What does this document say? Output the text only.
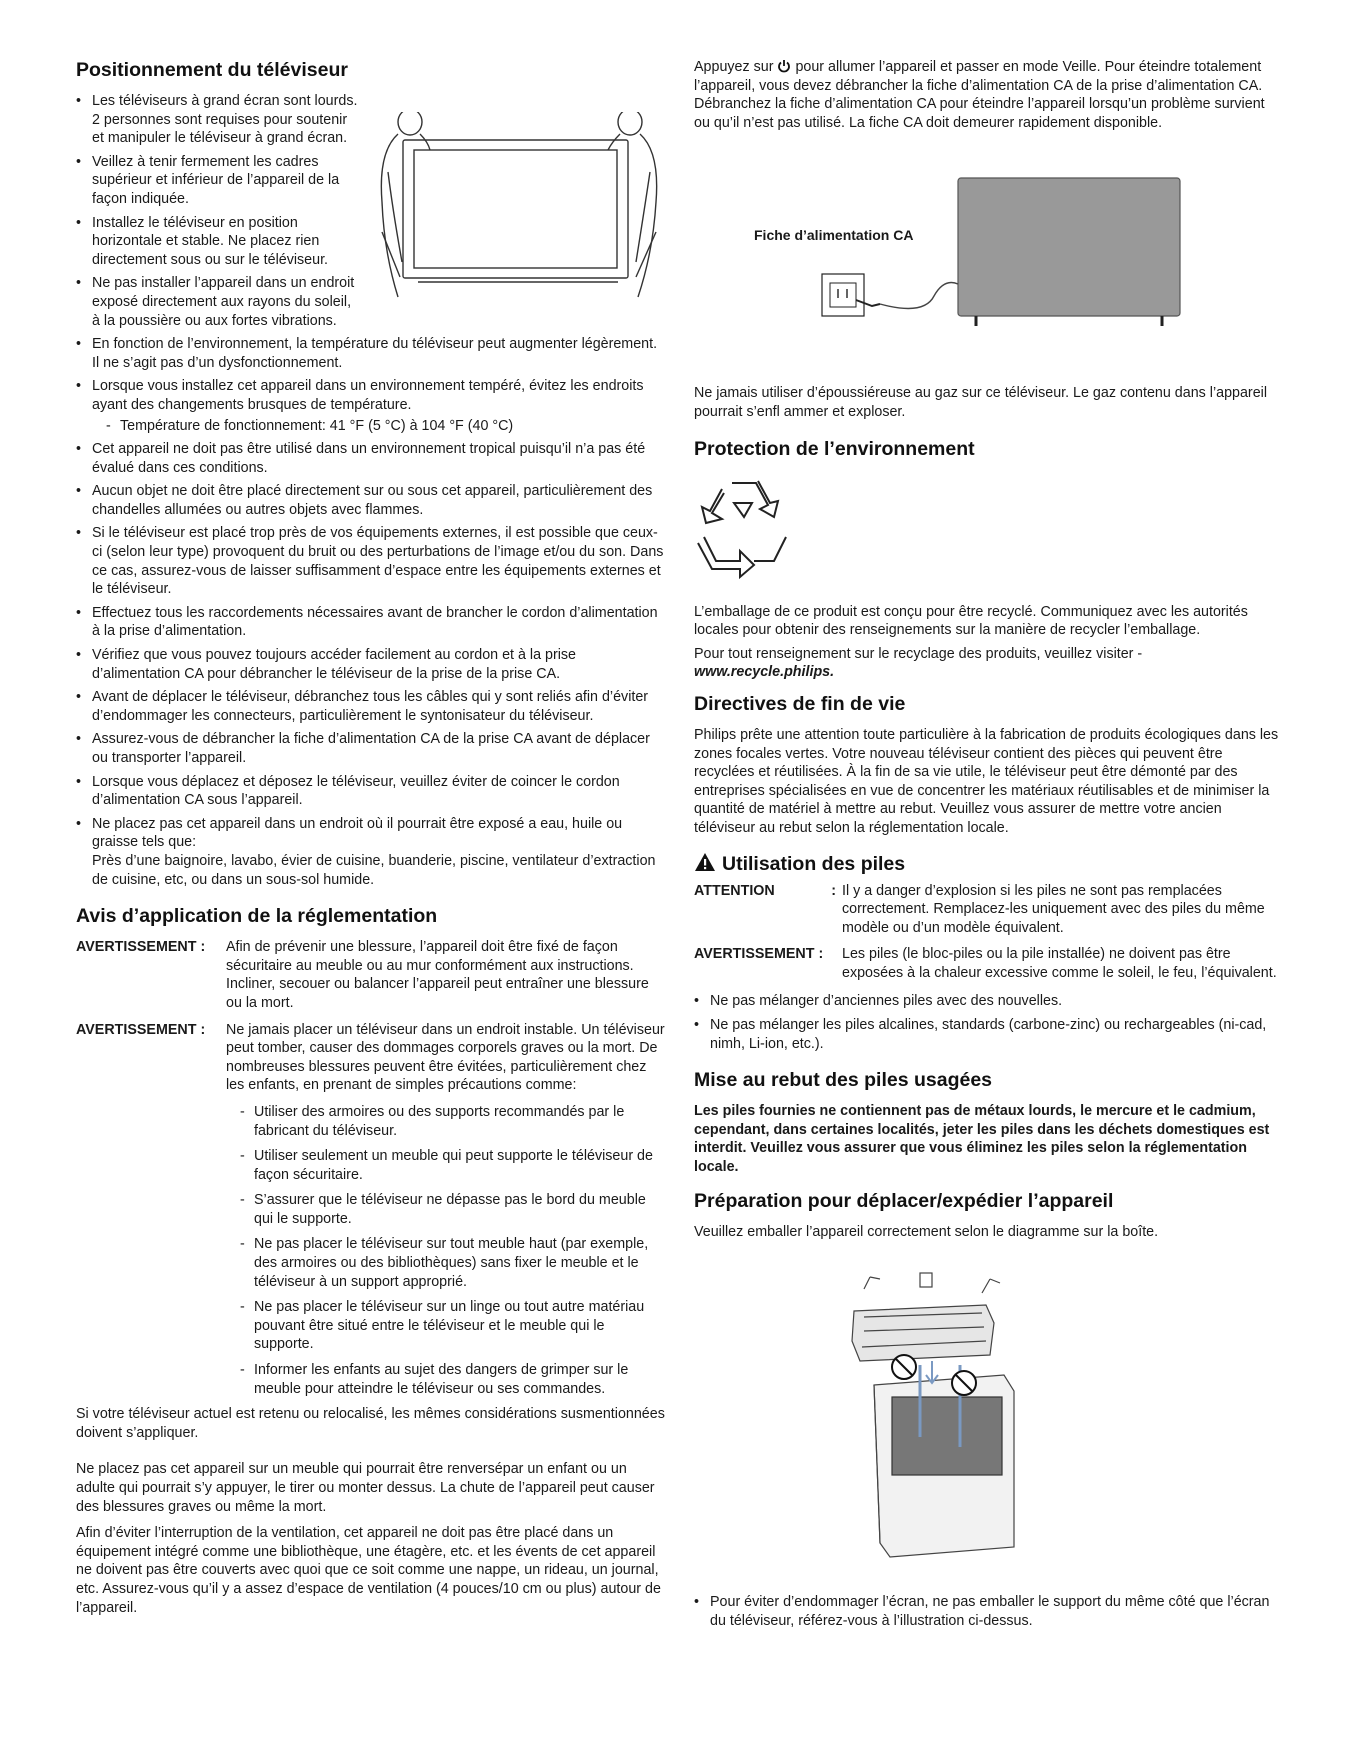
Positionnement du téléviseur
• Les téléviseurs à grand écran sont lourds. 2 personnes sont requises pour soutenir et manipuler le téléviseur à grand écran.
• Veillez à tenir fermement les cadres supérieur et inférieur de l’appareil de la façon indiquée.
• Installez le téléviseur en position horizontale et stable. Ne placez rien directement sous ou sur le téléviseur.
• Ne pas installer l’appareil dans un endroit exposé directement aux rayons du soleil, à la poussière ou aux fortes vibrations.
• En fonction de l’environnement, la température du téléviseur peut augmenter légèrement. Il ne s’agit pas d’un dysfonctionnement.
• Lorsque vous installez cet appareil dans un environnement tempéré, évitez les endroits ayant des changements brusques de température.
- Température de fonctionnement: 41 °F (5 °C) à 104 °F (40 °C)
• Cet appareil ne doit pas être utilisé dans un environnement tropical puisqu’il n’a pas été évalué dans ces conditions.
• Aucun objet ne doit être placé directement sur ou sous cet appareil, particulièrement des chandelles allumées ou autres objets avec flammes.
• Si le téléviseur est placé trop près de vos équipements externes, il est possible que ceux-ci (selon leur type) provoquent du bruit ou des perturbations de l’image et/ou du son. Dans ce cas, assurez-vous de laisser suffisamment d’espace entre les équipements externes et le téléviseur.
• Effectuez tous les raccordements nécessaires avant de brancher le cordon d’alimentation à la prise d’alimentation.
• Vérifiez que vous pouvez toujours accéder facilement au cordon et à la prise d’alimentation CA pour débrancher le téléviseur de la prise de la prise CA.
• Avant de déplacer le téléviseur, débranchez tous les câbles qui y sont reliés afin d’éviter d’endommager les connecteurs, particulièrement le syntonisateur du téléviseur.
• Assurez-vous de débrancher la fiche d’alimentation CA de la prise CA avant de déplacer ou transporter l’appareil.
• Lorsque vous déplacez et déposez le téléviseur, veuillez éviter de coincer le cordon d’alimentation CA sous l’appareil.
• Ne placez pas cet appareil dans un endroit où il pourrait être exposé a eau, huile ou graisse tels que:
Près d’une baignoire, lavabo, évier de cuisine, buanderie, piscine, ventilateur d’extraction de cuisine, etc, ou dans un sous-sol humide.
Avis d’application de la réglementation
AVERTISSEMENT :	Afin de prévenir une blessure, l’appareil doit être fixé de façon sécuritaire au meuble ou au mur conformément aux instructions. Incliner, secouer ou balancer l’appareil peut entraîner une blessure ou la mort.
AVERTISSEMENT :	Ne jamais placer un téléviseur dans un endroit instable. Un téléviseur peut tomber, causer des dommages corporels graves ou la mort. De nombreuses blessures peuvent être évitées, particulièrement chez les enfants, en prenant de simples précautions comme:
- Utiliser des armoires ou des supports recommandés par le fabricant du téléviseur.
- Utiliser seulement un meuble qui peut supporte le téléviseur de façon sécuritaire.
- S’assurer que le téléviseur ne dépasse pas le bord du meuble qui le supporte.
- Ne pas placer le téléviseur sur tout meuble haut (par exemple, des armoires ou des bibliothèques) sans fixer le meuble et le téléviseur à un support approprié.
- Ne pas placer le téléviseur sur un linge ou tout autre matériau pouvant être situé entre le téléviseur et le meuble qui le supporte.
- Informer les enfants au sujet des dangers de grimper sur le meuble pour atteindre le téléviseur ou ses commandes.

Si votre téléviseur actuel est retenu ou relocalisé, les mêmes considérations susmentionnées doivent s’appliquer.

Ne placez pas cet appareil sur un meuble qui pourrait être renversépar un enfant ou un adulte qui pourrait s’y appuyer, le tirer ou monter dessus. La chute de l’appareil peut causer des blessures graves ou même la mort.

Afin d’éviter l’interruption de la ventilation, cet appareil ne doit pas être placé dans un équipement intégré comme une bibliothèque, une étagère, etc. et les évents de cet appareil ne doivent pas être couverts avec quoi que ce soit comme une nappe, un rideau, un journal, etc. Assurez-vous qu’il y a assez d’espace de ventilation (4 pouces/10 cm ou plus) autour de l’appareil.

Appuyez sur pour allumer l’appareil et passer en mode Veille. Pour éteindre totalement l’appareil, vous devez débrancher la fiche d’alimentation CA de la prise d’alimentation CA.

Débranchez la fiche d’alimentation CA pour éteindre l’appareil lorsqu’un problème survient ou qu’il n’est pas utilisé. La fiche CA doit demeurer rapidement disponible.

Fiche d’alimentation CA

Ne jamais utiliser d’époussiéreuse au gaz sur ce téléviseur. Le gaz contenu dans l’appareil pourrait s’enfl ammer et exploser.

Protection de l’environnement

L’emballage de ce produit est conçu pour être recyclé. Communiquez avec les autorités locales pour obtenir des renseignements sur la manière de recycler l’emballage.

Pour tout renseignement sur le recyclage des produits, veuillez visiter -
www.recycle.philips.

Directives de fin de vie

Philips prête une attention toute particulière à la fabrication de produits écologiques dans les zones focales vertes. Votre nouveau téléviseur contient des pièces qui peuvent être recyclées et réutilisées. À la fin de sa vie utile, le téléviseur peut être démonté par des entreprises spécialisées en vue de concentrer les matériaux réutilisables et de minimiser la quantité de matériel à mettre au rebut. Veuillez vous assurer de mettre votre ancien téléviseur au rebut selon la réglementation locale.

Utilisation des piles
ATTENTION	: Il y a danger d’explosion si les piles ne sont pas remplacées correctement. Remplacez-les uniquement avec des piles du même modèle ou d’un modèle équivalent.
AVERTISSEMENT :	Les piles (le bloc-piles ou la pile installée) ne doivent pas être exposées à la chaleur excessive comme le soleil, le feu, l’équivalent.
• Ne pas mélanger d’anciennes piles avec des nouvelles.
• Ne pas mélanger les piles alcalines, standards (carbone-zinc) ou rechargeables (ni-cad, nimh, Li-ion, etc.).
Mise au rebut des piles usagées

Les piles fournies ne contiennent pas de métaux lourds, le mercure et le cadmium, cependant, dans certaines localités, jeter les piles dans les déchets domestiques est interdit. Veuillez vous assurer que vous éliminez les piles selon la réglementation locale.

Préparation pour déplacer/expédier l’appareil

Veuillez emballer l’appareil correctement selon le diagramme sur la boîte.

• Pour éviter d’endommager l’écran, ne pas emballer le support du même côté que l’écran du téléviseur, référez-vous à l’illustration ci-dessus.
